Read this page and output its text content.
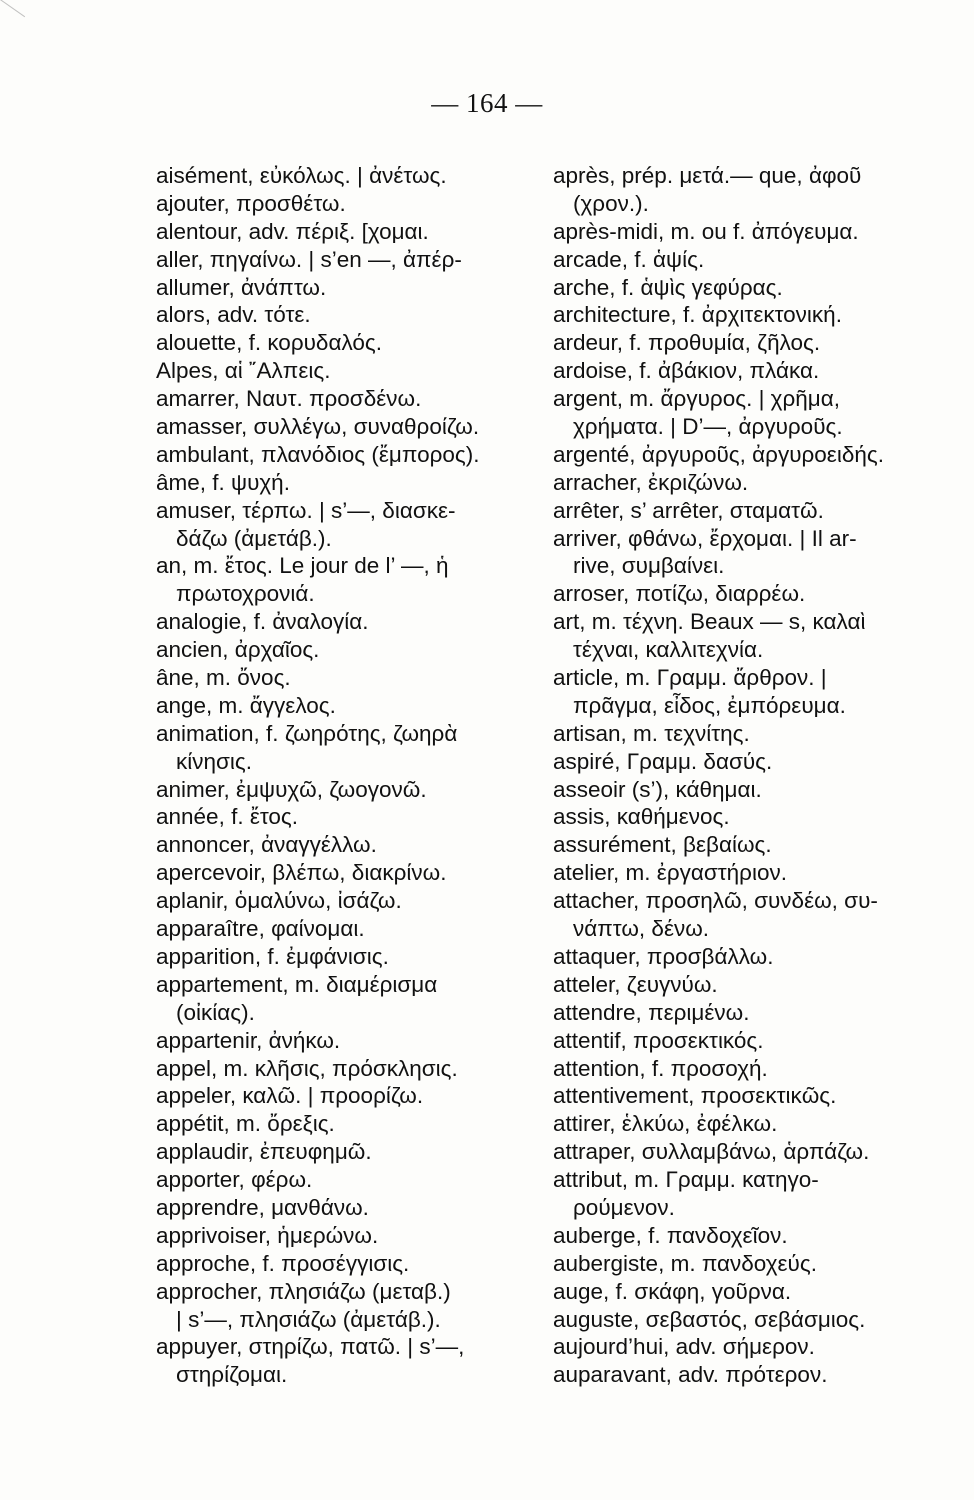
— 164 —
aisément, εὐκόλως. | ἀνέτως.
ajouter, προσθέτω.
alentour, adv. πέριξ. [χομαι.
aller, πηγαίνω. | s’en —, ἀπέρ-
allumer, ἀνάπτω.
alors, adv. τότε.
alouette, f. κορυδαλός.
Alpes, αἱ ῎Αλπεις.
amarrer, Ναυτ. προσδένω.
amasser, συλλέγω, συναθροίζω.
ambulant, πλανόδιος (ἔμπορος).
âme, f. ψυχή.
amuser, τέρπω. | s’—, διασκε-
δάζω (ἀμετάβ.).
an, m. ἔτος. Le jour de l’ —, ἡ
πρωτοχρονιά.
analogie, f. ἀναλογία.
ancien, ἀρχαῖος.
âne, m. ὄνος.
ange, m. ἄγγελος.
animation, f. ζωηρότης, ζωηρὰ
κίνησις.
animer, ἐμψυχῶ, ζωογονῶ.
année, f. ἔτος.
annoncer, ἀναγγέλλω.
apercevoir, βλέπω, διακρίνω.
aplanir, ὁμαλύνω, ἰσάζω.
apparaître, φαίνομαι.
apparition, f. ἐμφάνισις.
appartement, m. διαμέρισμα
(οἰκίας).
appartenir, ἀνήκω.
appel, m. κλῆσις, πρόσκλησις.
appeler, καλῶ. | προορίζω.
appétit, m. ὄρεξις.
applaudir, ἐπευφημῶ.
apporter, φέρω.
apprendre, μανθάνω.
apprivoiser, ἡμερώνω.
approche, f. προσέγγισις.
approcher, πλησιάζω (μεταβ.)
| s’—, πλησιάζω (ἀμετάβ.).
appuyer, στηρίζω, πατῶ. | s’—,
στηρίζομαι.
après, prép. μετά.— que, ἀφοῦ
(χρον.).
après-midi, m. ou f. ἀπόγευμα.
arcade, f. ἁψίς.
arche, f. ἁψὶς γεφύρας.
architecture, f. ἀρχιτεκτονική.
ardeur, f. προθυμία, ζῆλος.
ardoise, f. ἀβάκιον, πλάκα.
argent, m. ἄργυρος. | χρῆμα,
χρήματα. | D’—, ἀργυροῦς.
argenté, ἀργυροῦς, ἀργυροειδής.
arracher, ἐκριζώνω.
arrêter, s’ arrêter, σταματῶ.
arriver, φθάνω, ἔρχομαι. | Il ar-
rive, συμβαίνει.
arroser, ποτίζω, διαρρέω.
art, m. τέχνη. Beaux — s, καλαὶ
τέχναι, καλλιτεχνία.
article, m. Γραμμ. ἄρθρον. |
πρᾶγμα, εἶδος, ἐμπόρευμα.
artisan, m. τεχνίτης.
aspiré, Γραμμ. δασύς.
asseoir (s’), κάθημαι.
assis, καθήμενος.
assurément, βεβαίως.
atelier, m. ἐργαστήριον.
attacher, προσηλῶ, συνδέω, συ-
νάπτω, δένω.
attaquer, προσβάλλω.
atteler, ζευγνύω.
attendre, περιμένω.
attentif, προσεκτικός.
attention, f. προσοχή.
attentivement, προσεκτικῶς.
attirer, ἑλκύω, ἐφέλκω.
attraper, συλλαμβάνω, ἁρπάζω.
attribut, m. Γραμμ. κατηγο-
ρούμενον.
auberge, f. πανδοχεῖον.
aubergiste, m. πανδοχεύς.
auge, f. σκάφη, γοῦρνα.
auguste, σεβαστός, σεβάσμιος.
aujourd’hui, adv. σήμερον.
auparavant, adv. πρότερον.
